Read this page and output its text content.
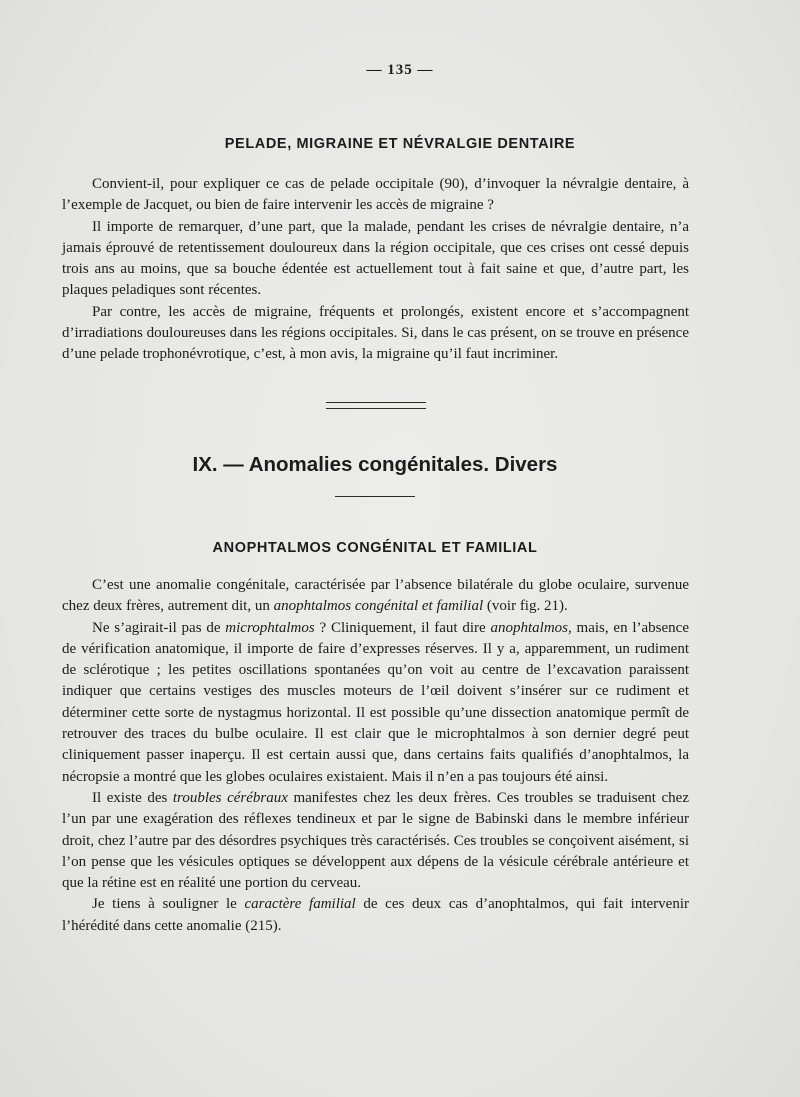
— 135 —
PELADE, MIGRAINE ET NÉVRALGIE DENTAIRE

Convient-il, pour expliquer ce cas de pelade occipitale (90), d’invoquer la névralgie dentaire, à l’exemple de Jacquet, ou bien de faire intervenir les accès de migraine ?

Il importe de remarquer, d’une part, que la malade, pendant les crises de névralgie dentaire, n’a jamais éprouvé de retentissement douloureux dans la région occipitale, que ces crises ont cessé depuis trois ans au moins, que sa bouche édentée est actuellement tout à fait saine et que, d’autre part, les plaques peladiques sont récentes.

Par contre, les accès de migraine, fréquents et prolongés, existent encore et s’accompagnent d’irradiations douloureuses dans les régions occipitales. Si, dans le cas présent, on se trouve en présence d’une pelade trophonévrotique, c’est, à mon avis, la migraine qu’il faut incriminer.

IX. — Anomalies congénitales. Divers
ANOPHTALMOS CONGÉNITAL ET FAMILIAL

C’est une anomalie congénitale, caractérisée par l’absence bilatérale du globe oculaire, survenue chez deux frères, autrement dit, un anophtalmos congénital et familial (voir fig. 21).

Ne s’agirait-il pas de microphtalmos ? Cliniquement, il faut dire anophtalmos, mais, en l’absence de vérification anatomique, il importe de faire d’expresses réserves. Il y a, apparemment, un rudiment de sclérotique ; les petites oscillations spontanées qu’on voit au centre de l’excavation paraissent indiquer que certains vestiges des muscles moteurs de l’œil doivent s’insérer sur ce rudiment et déterminer cette sorte de nystagmus horizontal. Il est possible qu’une dissection anatomique permît de retrouver des traces du bulbe oculaire. Il est clair que le microphtalmos à son dernier degré peut cliniquement passer inaperçu. Il est certain aussi que, dans certains faits qualifiés d’anophtalmos, la nécropsie a montré que les globes oculaires existaient. Mais il n’en a pas toujours été ainsi.

Il existe des troubles cérébraux manifestes chez les deux frères. Ces troubles se traduisent chez l’un par une exagération des réflexes tendineux et par le signe de Babinski dans le membre inférieur droit, chez l’autre par des désordres psychiques très caractérisés. Ces troubles se conçoivent aisément, si l’on pense que les vésicules optiques se développent aux dépens de la vésicule cérébrale antérieure et que la rétine est en réalité une portion du cerveau.

Je tiens à souligner le caractère familial de ces deux cas d’anophtalmos, qui fait intervenir l’hérédité dans cette anomalie (215).
